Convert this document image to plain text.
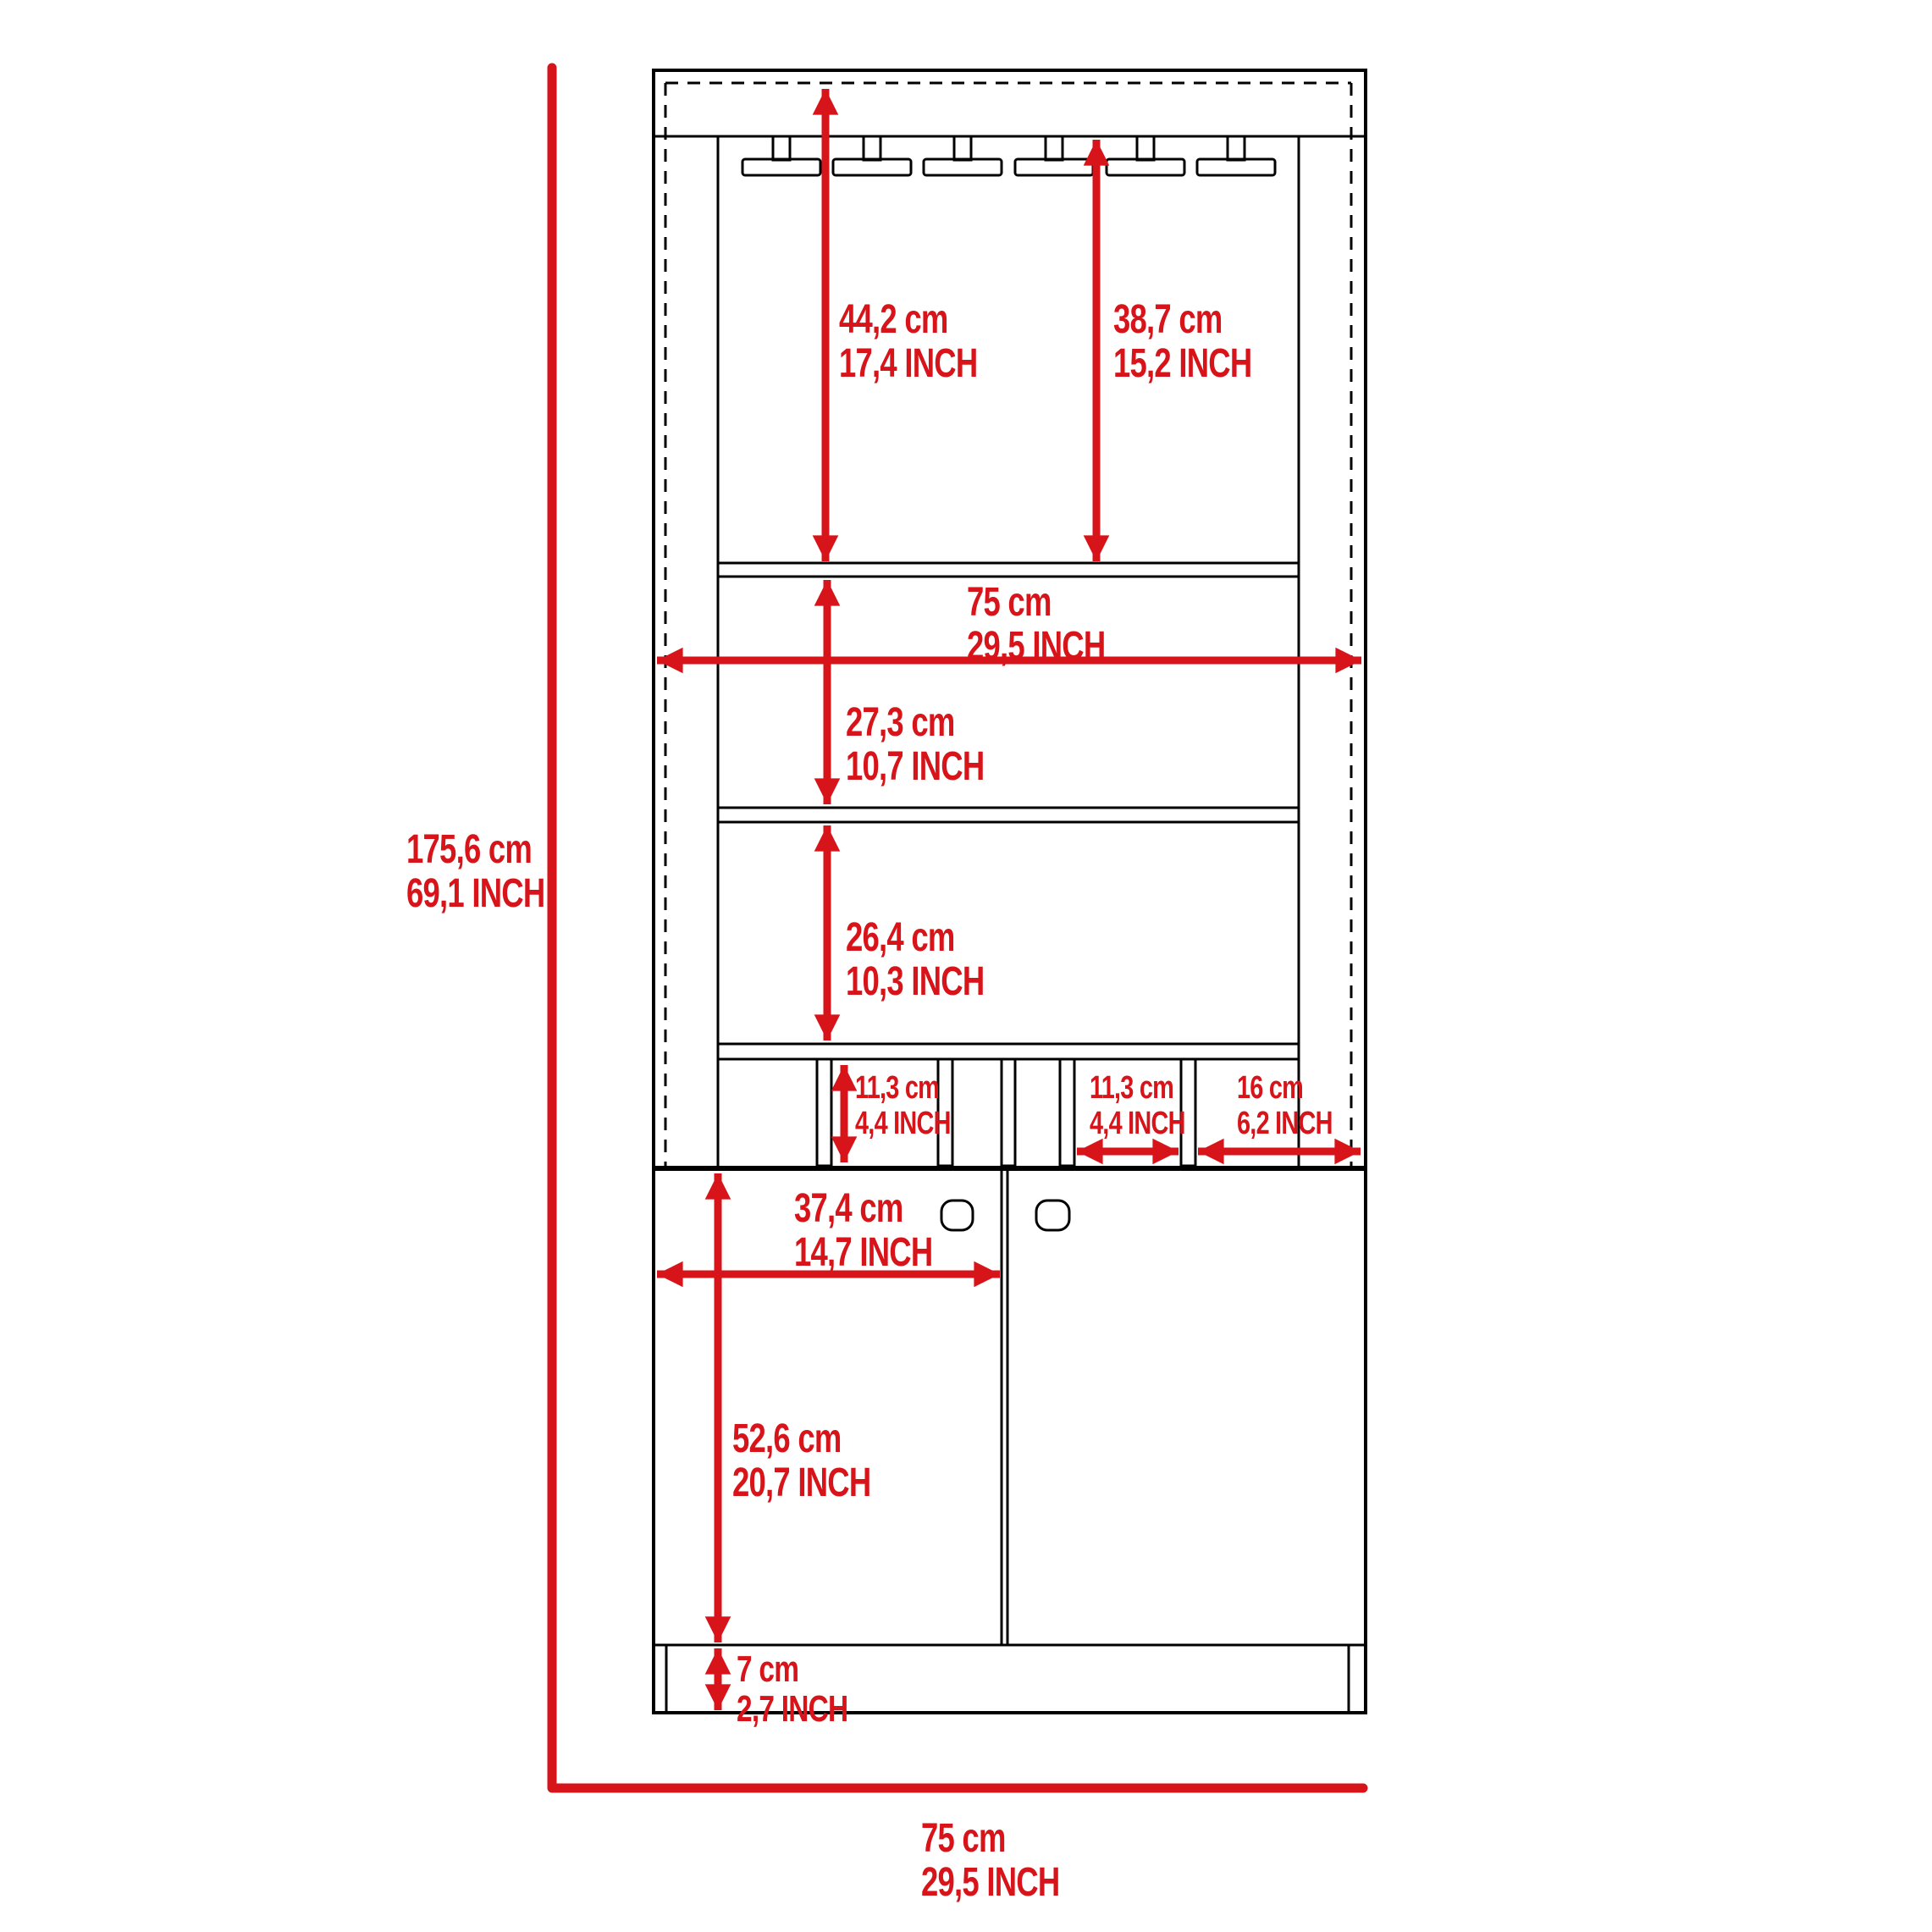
44,2 cm
17,4 INCH
38,7 cm
15,2 INCH
75 cm
29,5 INCH
27,3 cm
10,7 INCH
26,4 cm
10,3 INCH
11,3 cm
4,4 INCH
11,3 cm
4,4 INCH
16 cm
6,2 INCH
37,4 cm
14,7 INCH
52,6 cm
20,7 INCH
7 cm
2,7 INCH
175,6 cm
69,1 INCH
75 cm
29,5 INCH
